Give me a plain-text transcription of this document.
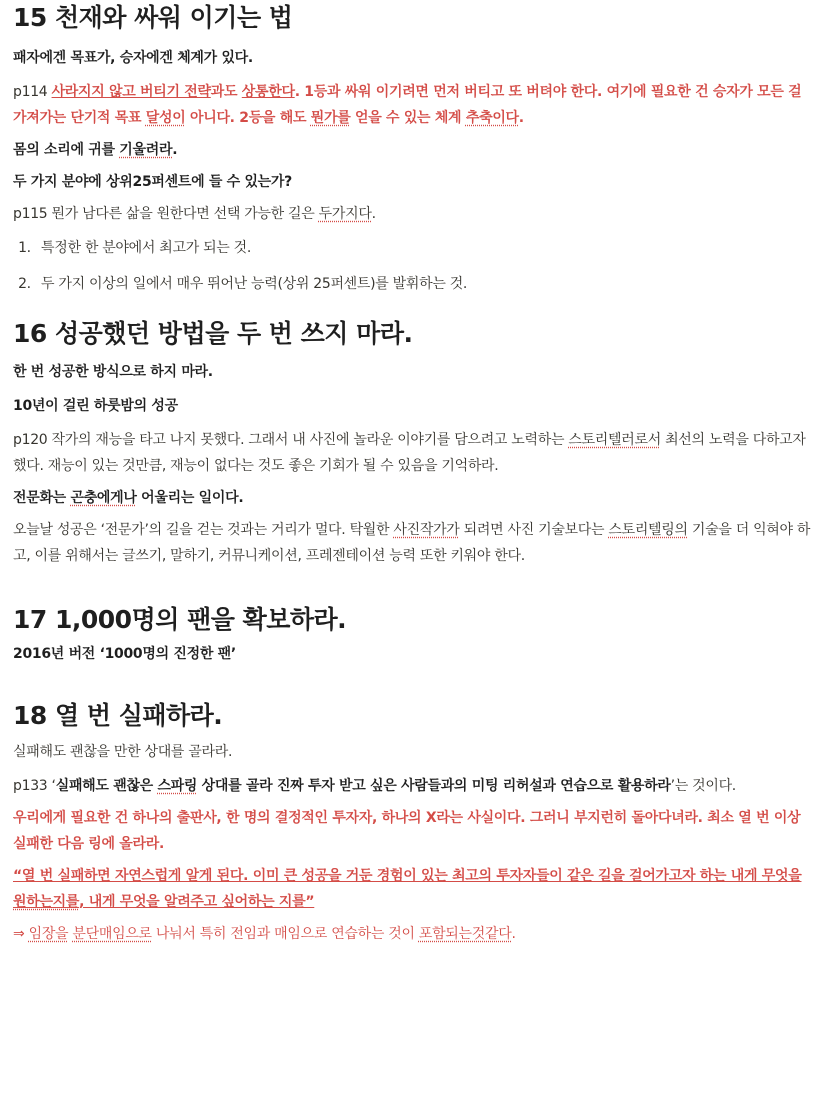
15 천재와 싸워 이기는 법

패자에겐 목표가, 승자에겐 체계가 있다.

p114 사라지지 않고 버티기 전략과도 상통한다. 1등과 싸워 이기려면 먼저 버티고 또 버텨야 한다. 여기에 필요한 건 승자가 모든 걸 가져가는 단기적 목표 달성이 아니다. 2등을 해도 뭔가를 얻을 수 있는 체계 추축이다.

몸의 소리에 귀를 기울려라.

두 가지 분야에 상위25퍼센트에 들 수 있는가?

p115 뭔가 남다른 삶을 원한다면 선택 가능한 길은 두가지다.

1. 특정한 한 분야에서 최고가 되는 것.
2. 두 가지 이상의 일에서 매우 뛰어난 능력(상위 25퍼센트)를 발휘하는 것.
16 성공했던 방법을 두 번 쓰지 마라.

한 번 성공한 방식으로 하지 마라.

10년이 걸린 하룻밤의 성공

p120 작가의 재능을 타고 나지 못했다. 그래서 내 사진에 놀라운 이야기를 담으려고 노력하는 스토리텔러로서 최선의 노력을 다하고자 했다. 재능이 있는 것만큼, 재능이 없다는 것도 좋은 기회가 될 수 있음을 기억하라.

전문화는 곤충에게나 어울리는 일이다.

오늘날 성공은 ‘전문가’의 길을 걷는 것과는 거리가 멀다. 탁월한 사진작가가 되려면 사진 기술보다는 스토리텔링의 기술을 더 익혀야 하고, 이를 위해서는 글쓰기, 말하기, 커뮤니케이션, 프레젠테이션 능력 또한 키워야 한다.

17 1,000명의 팬을 확보하라.

2016년 버전 ‘1000명의 진정한 팬’

18 열 번 실패하라.

실패해도 괜찮을 만한 상대를 골라라.

p133 ‘실패해도 괜찮은 스파링 상대를 골라 진짜 투자 받고 싶은 사람들과의 미팅 리허설과 연습으로 활용하라’는 것이다.

우리에게 필요한 건 하나의 출판사, 한 명의 결정적인 투자자, 하나의 X라는 사실이다. 그러니 부지런히 돌아다녀라. 최소 열 번 이상 실패한 다음 링에 올라라.

“열 번 실패하면 자연스럽게 알게 된다. 이미 큰 성공을 거둔 경험이 있는 최고의 투자자들이 같은 길을 걸어가고자 하는 내게 무엇을 원하는지를, 내게 무엇을 알려주고 싶어하는 지를”

⇒ 임장을 분단매임으로 나눠서 특히 전임과 매임으로 연습하는 것이 포함되는것같다.
